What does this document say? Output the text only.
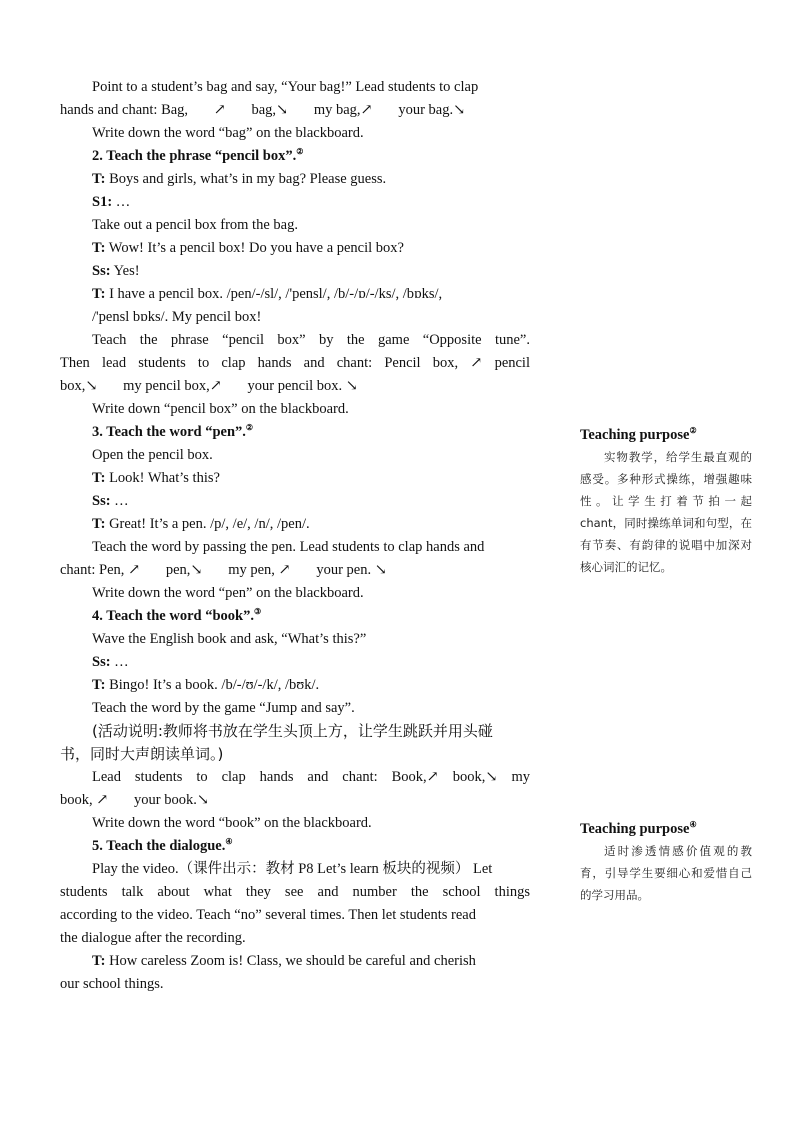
Point to a student’s bag and say, “Your bag!” Lead students to clap
hands and chant: Bag, ↗ bag,↘ my bag,↗ your bag.↘
Write down the word “bag” on the blackboard.
2. Teach the phrase “pencil box”.②
T: Boys and girls, what’s in my bag? Please guess.
S1: …
Take out a pencil box from the bag.
T: Wow! It’s a pencil box! Do you have a pencil box?
Ss: Yes!
T: I have a pencil box. /pen/-/sl/, /'pensl/, /b/-/ɒ/-/ks/, /bɒks/,
/'pensl bɒks/. My pencil box!
Teach the phrase “pencil box” by the game “Opposite tune”.
Then lead students to clap hands and chant: Pencil box, ↗ pencil
box,↘ my pencil box,↗ your pencil box. ↘
Write down “pencil box” on the blackboard.
3. Teach the word “pen”.②
Open the pencil box.
T: Look! What’s this?
Ss: …
T: Great! It’s a pen. /p/, /e/, /n/, /pen/.
Teach the word by passing the pen. Lead students to clap hands and
chant: Pen, ↗ pen,↘ my pen, ↗ your pen. ↘
Write down the word “pen” on the blackboard.
4. Teach the word “book”.③
Wave the English book and ask, “What’s this?”
Ss: …
T: Bingo! It’s a book. /b/-/ʊ/-/k/, /bʊk/.
Teach the word by the game “Jump and say”.
(活动说明:教师将书放在学生头顶上方，让学生跳跃并用头碰
书，同时大声朗读单词。)
Lead students to clap hands and chant: Book,↗ book,↘ my
book, ↗ your book.↘
Write down the word “book” on the blackboard.
5. Teach the dialogue.④
Play the video.（课件出示：教材 P8 Let’s learn 板块的视频） Let
students talk about what they see and number the school things
according to the video. Teach “no” several times. Then let students read
the dialogue after the recording.
T: How careless Zoom is! Class, we should be careful and cherish
our school things.
Teaching purpose②
实物教学，给学生最直观的感受。多种形式操练，增强趣味性。让学生打着节拍一起 chant，同时操练单词和句型，在有节奏、有韵律的说唱中加深对核心词汇的记忆。
Teaching purpose④
适时渗透情感价值观的教育，引导学生要细心和爱惜自己的学习用品。
